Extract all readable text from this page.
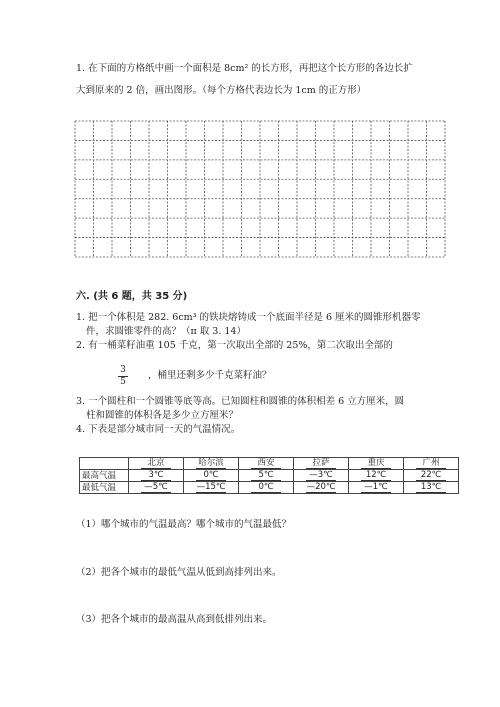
1. 在下面的方格纸中画一个面积是 8cm² 的长方形，再把这个长方形的各边长扩
大到原来的 2 倍，画出图形。（每个方格代表边长为 1cm 的正方形）
六. (共 6 题，共 35 分)
1. 把一个体积是 282. 6cm³ 的铁块熔铸成一个底面半径是 6 厘米的圆锥形机器零
件，求圆锥零件的高？（π 取 3. 14）
2. 有一桶菜籽油重 105 千克，第一次取出全部的 25%，第二次取出全部的
3
5
，桶里还剩多少千克菜籽油？
3. 一个圆柱和一个圆锥等底等高。已知圆柱和圆锥的体积相差 6 立方厘米，圆
柱和圆锥的体积各是多少立方厘米？
4. 下表是部分城市同一天的气温情况。
	北京	哈尔滨	西安	拉萨	重庆	广州
最高气温	3℃	0℃	5℃	—3℃	12℃	22℃
最低气温	—5℃	—15℃	0℃	—20℃	—1℃	13℃
（1）哪个城市的气温最高？哪个城市的气温最低？
（2）把各个城市的最低气温从低到高排列出来。
（3）把各个城市的最高温从高到低排列出来。
